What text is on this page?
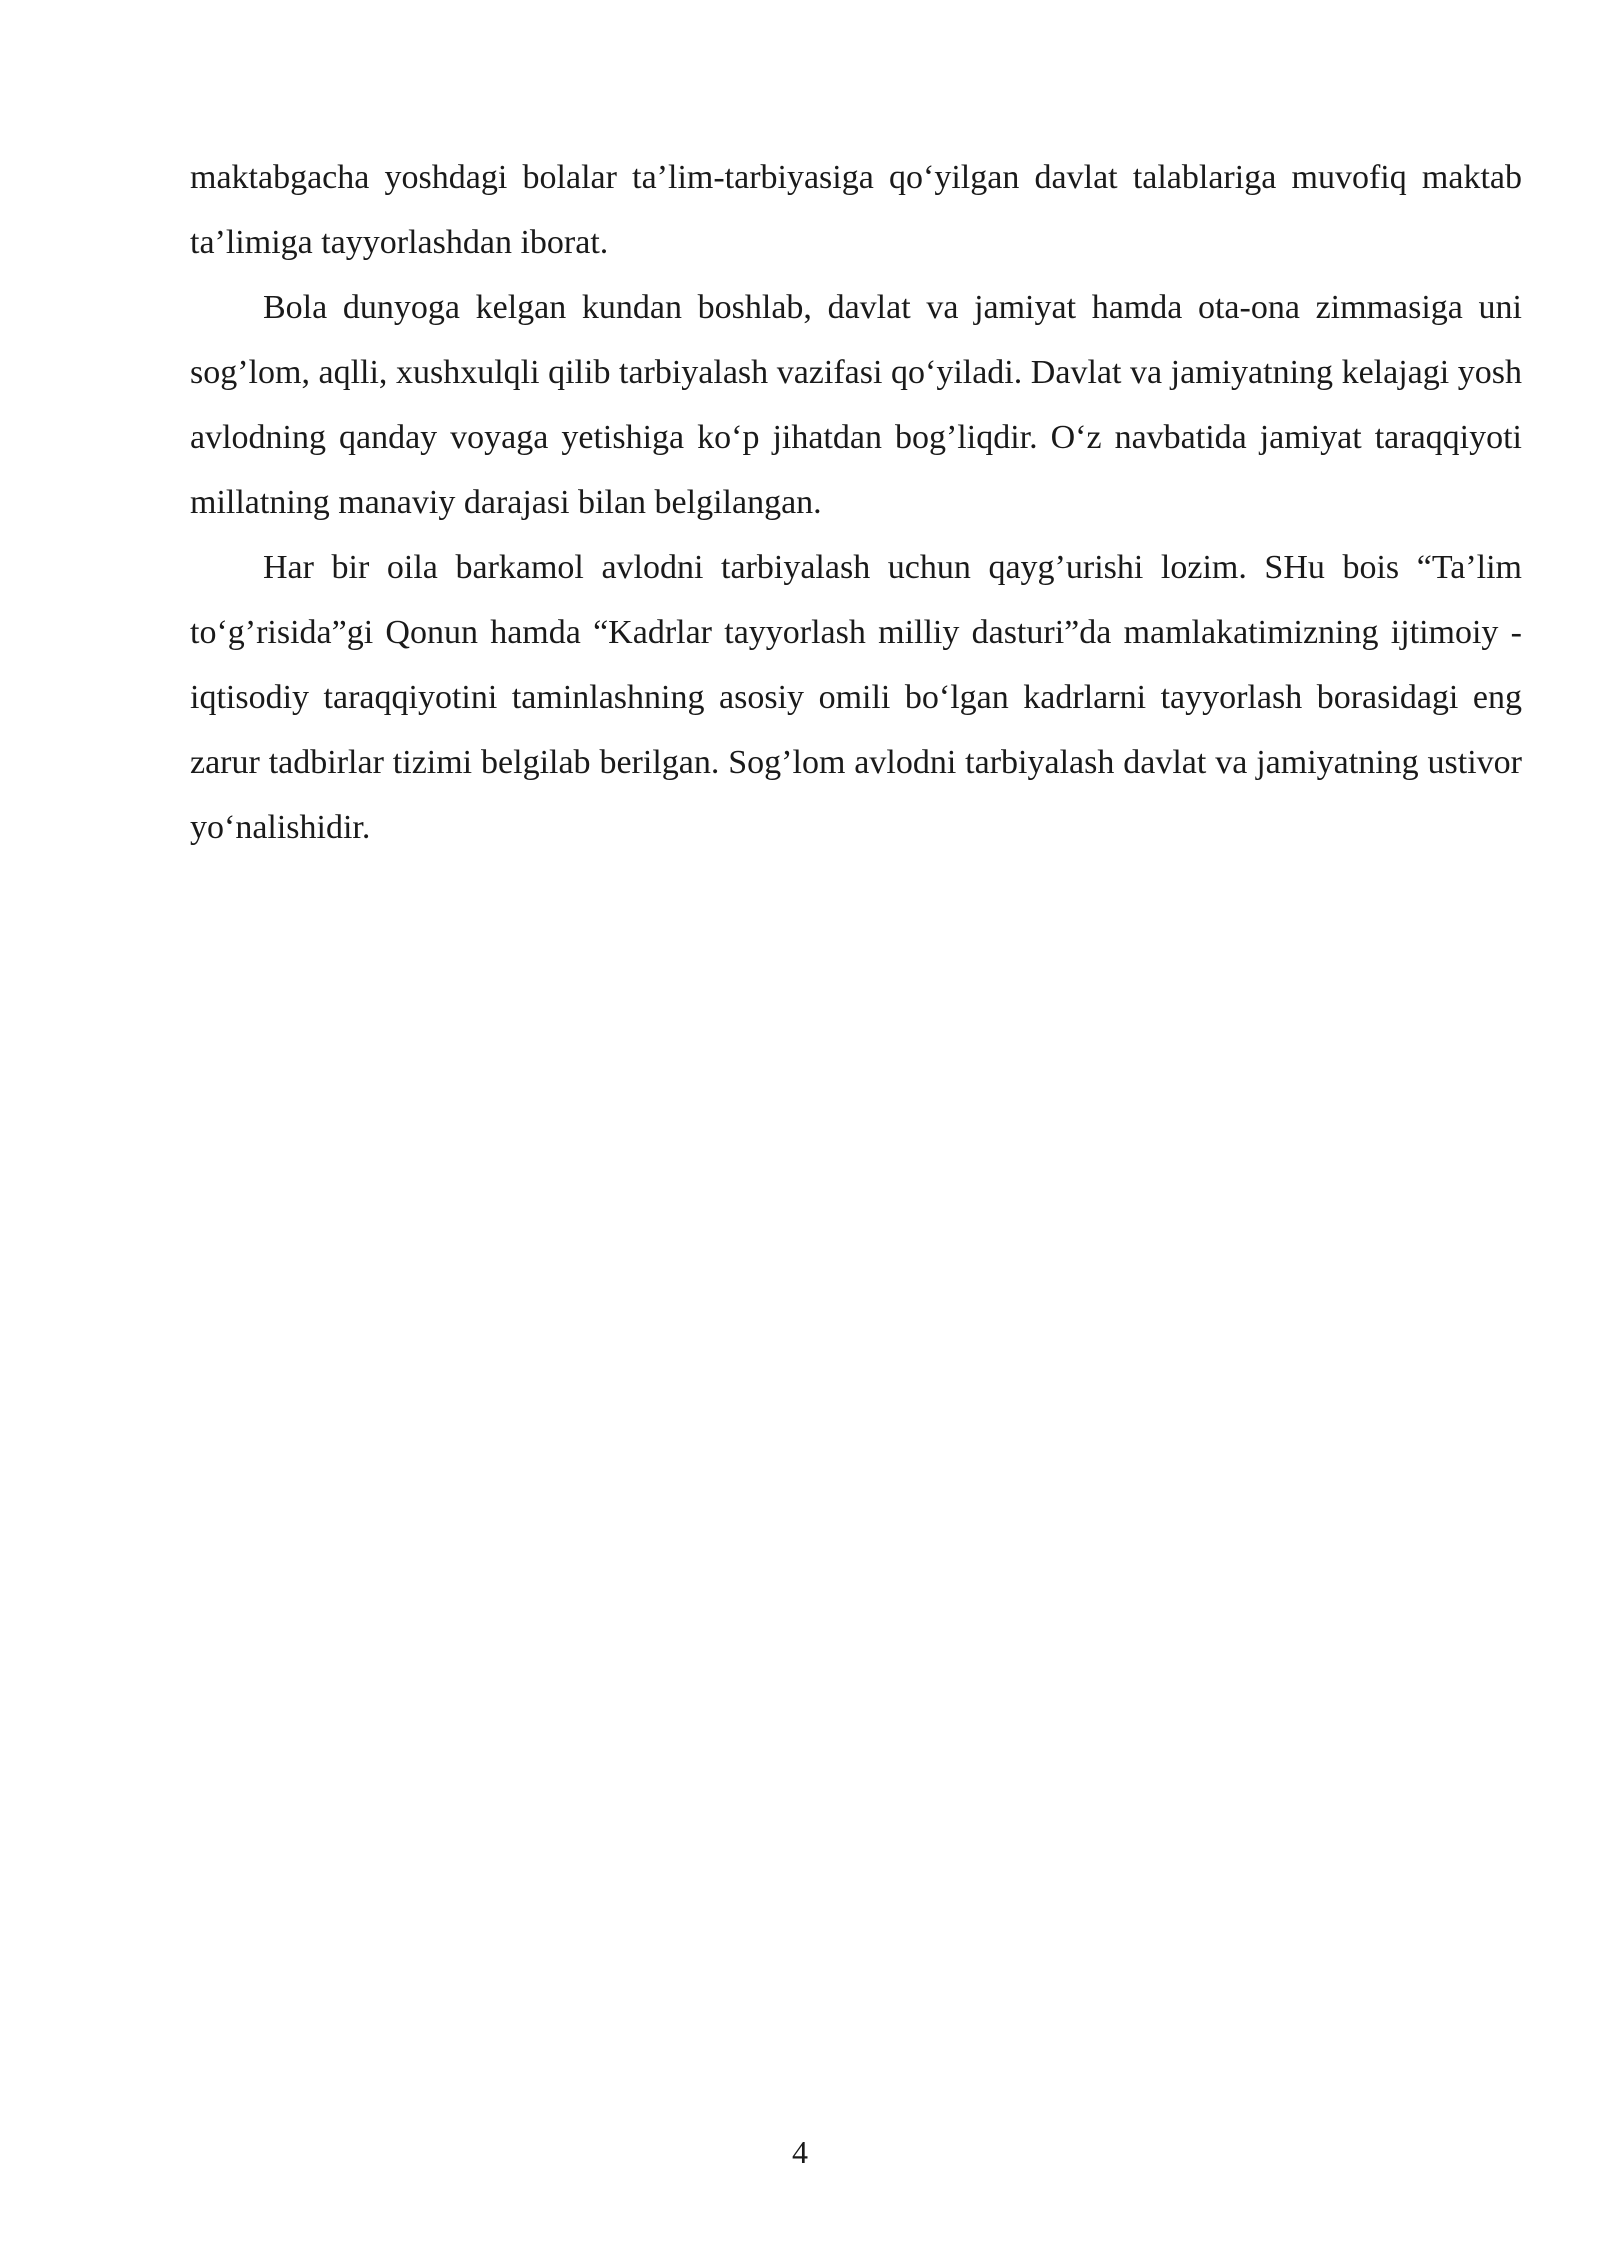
maktabgacha yoshdagi bolalar ta’lim-tarbiyasiga qo‘yilgan davlat talablariga muvofiq maktab ta’limiga tayyorlashdan iborat.

Bola dunyoga kelgan kundan boshlab, davlat va jamiyat hamda ota-ona zimmasiga uni sog’lom, aqlli, xushxulqli qilib tarbiyalash vazifasi qo‘yiladi. Davlat va jamiyatning kelajagi yosh avlodning qanday voyaga yetishiga ko‘p jihatdan bog’liqdir. O‘z navbatida jamiyat taraqqiyoti millatning manaviy darajasi bilan belgilangan.

Har bir oila barkamol avlodni tarbiyalash uchun qayg’urishi lozim. SHu bois “Ta’lim to‘g’risida”gi Qonun hamda “Kadrlar tayyorlash milliy dasturi”da mamlakatimizning ijtimoiy - iqtisodiy taraqqiyotini taminlashning asosiy omili bo‘lgan kadrlarni tayyorlash borasidagi eng zarur tadbirlar tizimi belgilab berilgan. Sog’lom avlodni tarbiyalash davlat va jamiyatning ustivor yo‘nalishidir.

4
